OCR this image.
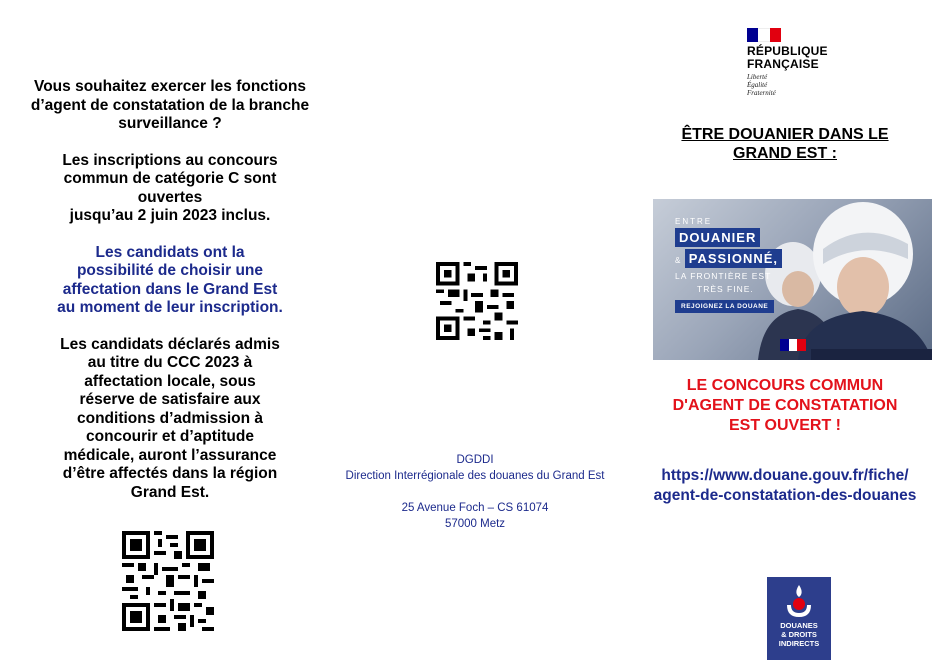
Vous souhaitez exercer les fonctions
d’agent de constatation de la branche
surveillance ?

Les inscriptions au concours
commun de catégorie C sont
ouvertes
jusqu’au 2 juin 2023 inclus.

Les candidats ont la
possibilité de choisir une
affectation dans le Grand Est
au moment de leur inscription.

Les candidats déclarés admis
au titre du CCC 2023 à
affectation locale, sous
réserve de satisfaire aux
conditions d’admission à
concourir et d’aptitude
médicale, auront l’assurance
d’être affectés dans la région
Grand Est.

DGDDI
Direction Interrégionale des douanes du Grand Est
25 Avenue Foch – CS 61074
57000 Metz
RÉPUBLIQUE
FRANÇAISE
Liberté
Égalité
Fraternité
ÊTRE DOUANIER DANS LE
GRAND EST :
ENTRE
DOUANIER
& PASSIONNÉ,
LA FRONTIÈRE EST
TRÈS FINE.
REJOIGNEZ LA DOUANE
LE CONCOURS COMMUN
D'AGENT DE CONSTATATION
EST OUVERT !
https://www.douane.gouv.fr/fiche/
agent-de-constatation-des-douanes
DOUANES
& DROITS
INDIRECTS
